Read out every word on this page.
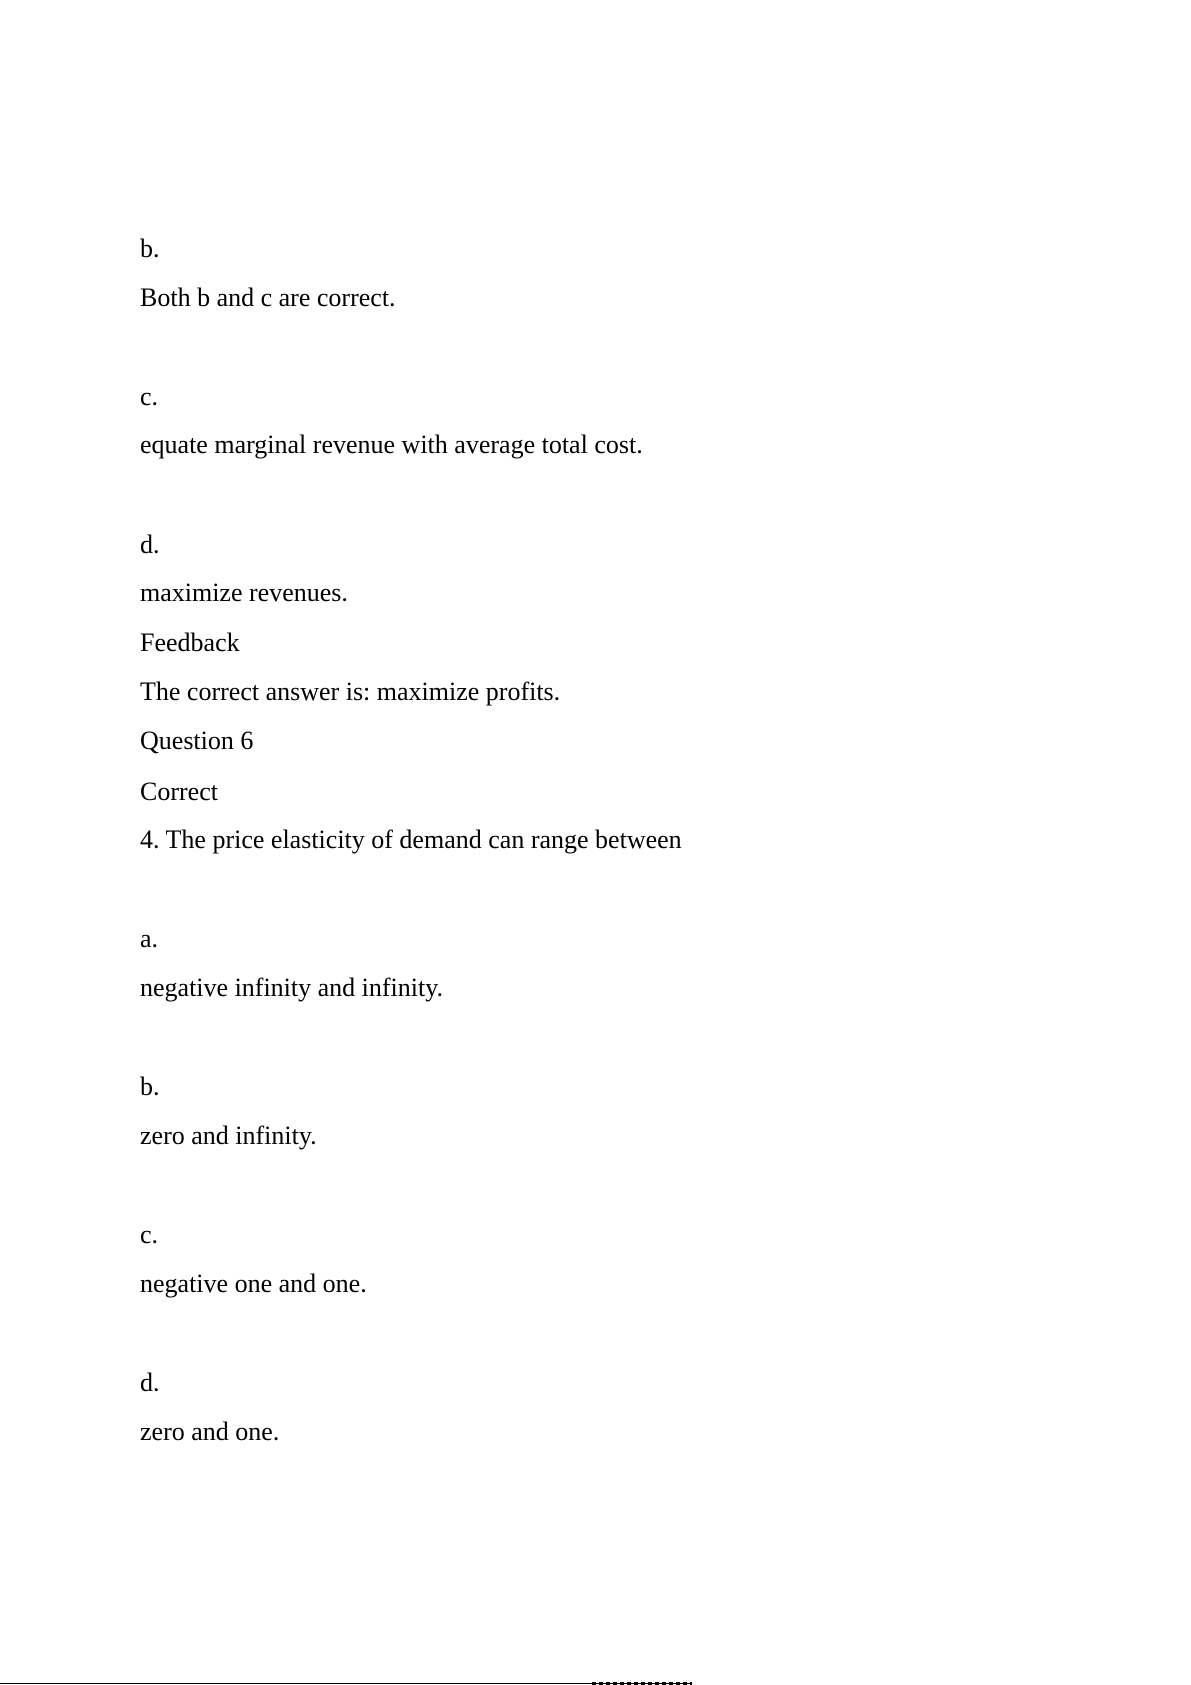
b.
Both b and c are correct.
c.
equate marginal revenue with average total cost.
d.
maximize revenues.
Feedback
The correct answer is: maximize profits.
Question 6
Correct
4. The price elasticity of demand can range between
a.
negative infinity and infinity.
b.
zero and infinity.
c.
negative one and one.
d.
zero and one.
